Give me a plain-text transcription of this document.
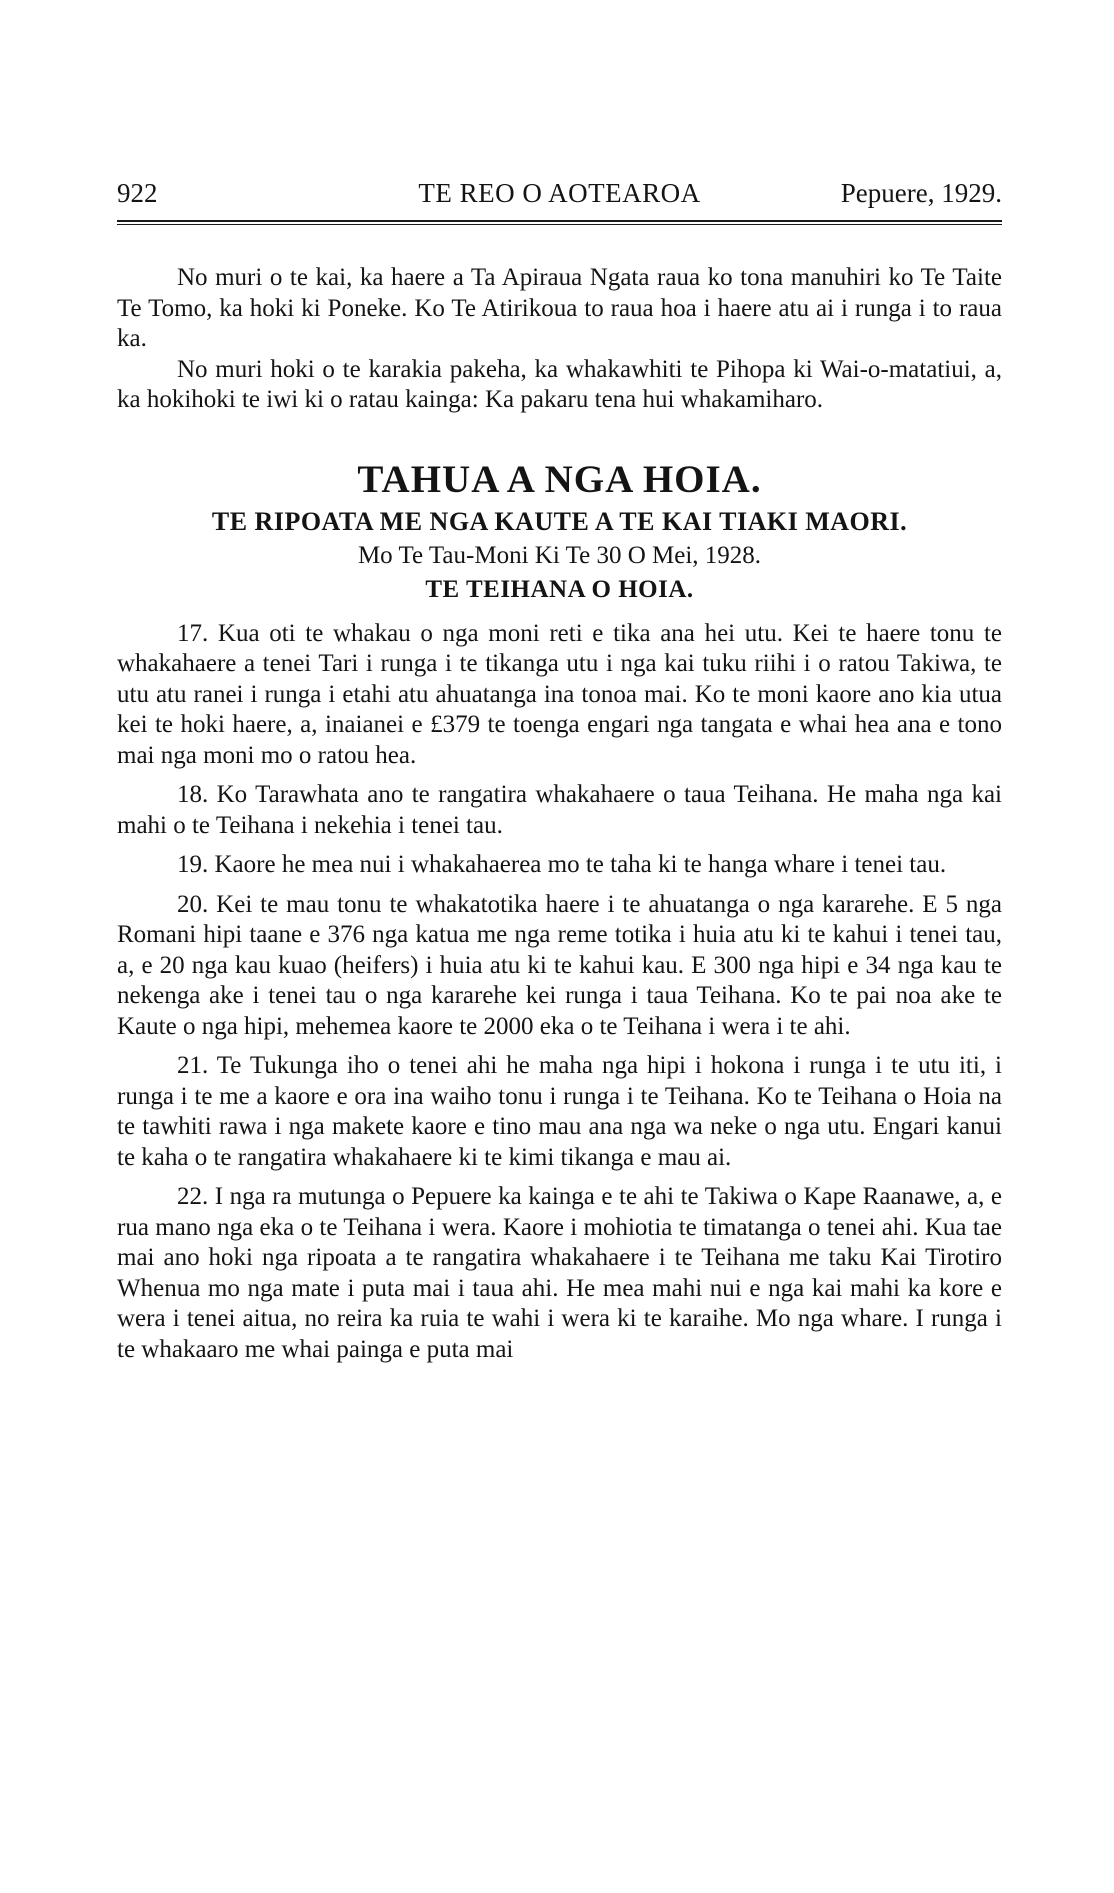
922	TE REO O AOTEAROA	Pepuere, 1929.

No muri o te kai, ka haere a Ta Apiraua Ngata raua ko tona manuhiri ko Te Taite Te Tomo, ka hoki ki Poneke. Ko Te Atirikoua to raua hoa i haere atu ai i runga i to raua ka.

No muri hoki o te karakia pakeha, ka whakawhiti te Pihopa ki Wai-o-matatiui, a, ka hokihoki te iwi ki o ratau kainga: Ka pakaru tena hui whakamiharo.

TAHUA A NGA HOIA.
TE RIPOATA ME NGA KAUTE A TE KAI TIAKI MAORI.
Mo Te Tau-Moni Ki Te 30 O Mei, 1928.
TE TEIHANA O HOIA.

17. Kua oti te whakau o nga moni reti e tika ana hei utu. Kei te haere tonu te whakahaere a tenei Tari i runga i te tikanga utu i nga kai tuku riihi i o ratou Takiwa, te utu atu ranei i runga i etahi atu ahuatanga ina tonoa mai. Ko te moni kaore ano kia utua kei te hoki haere, a, inaianei e £379 te toenga engari nga tangata e whai hea ana e tono mai nga moni mo o ratou hea.

18. Ko Tarawhata ano te rangatira whakahaere o taua Teihana. He maha nga kai mahi o te Teihana i nekehia i tenei tau.

19. Kaore he mea nui i whakahaerea mo te taha ki te hanga whare i tenei tau.

20. Kei te mau tonu te whakatotika haere i te ahuatanga o nga kararehe. E 5 nga Romani hipi taane e 376 nga katua me nga reme totika i huia atu ki te kahui i tenei tau, a, e 20 nga kau kuao (heifers) i huia atu ki te kahui kau. E 300 nga hipi e 34 nga kau te nekenga ake i tenei tau o nga kararehe kei runga i taua Teihana. Ko te pai noa ake te Kaute o nga hipi, mehemea kaore te 2000 eka o te Teihana i wera i te ahi.

21. Te Tukunga iho o tenei ahi he maha nga hipi i hokona i runga i te utu iti, i runga i te me a kaore e ora ina waiho tonu i runga i te Teihana. Ko te Teihana o Hoia na te tawhiti rawa i nga makete kaore e tino mau ana nga wa neke o nga utu. Engari kanui te kaha o te rangatira whakahaere ki te kimi tikanga e mau ai.

22. I nga ra mutunga o Pepuere ka kainga e te ahi te Takiwa o Kape Raanawe, a, e rua mano nga eka o te Teihana i wera. Kaore i mohiotia te timatanga o tenei ahi. Kua tae mai ano hoki nga ripoata a te rangatira whakahaere i te Teihana me taku Kai Tirotiro Whenua mo nga mate i puta mai i taua ahi. He mea mahi nui e nga kai mahi ka kore e wera i tenei aitua, no reira ka ruia te wahi i wera ki te karaihe. Mo nga whare. I runga i te whakaaro me whai painga e puta mai
